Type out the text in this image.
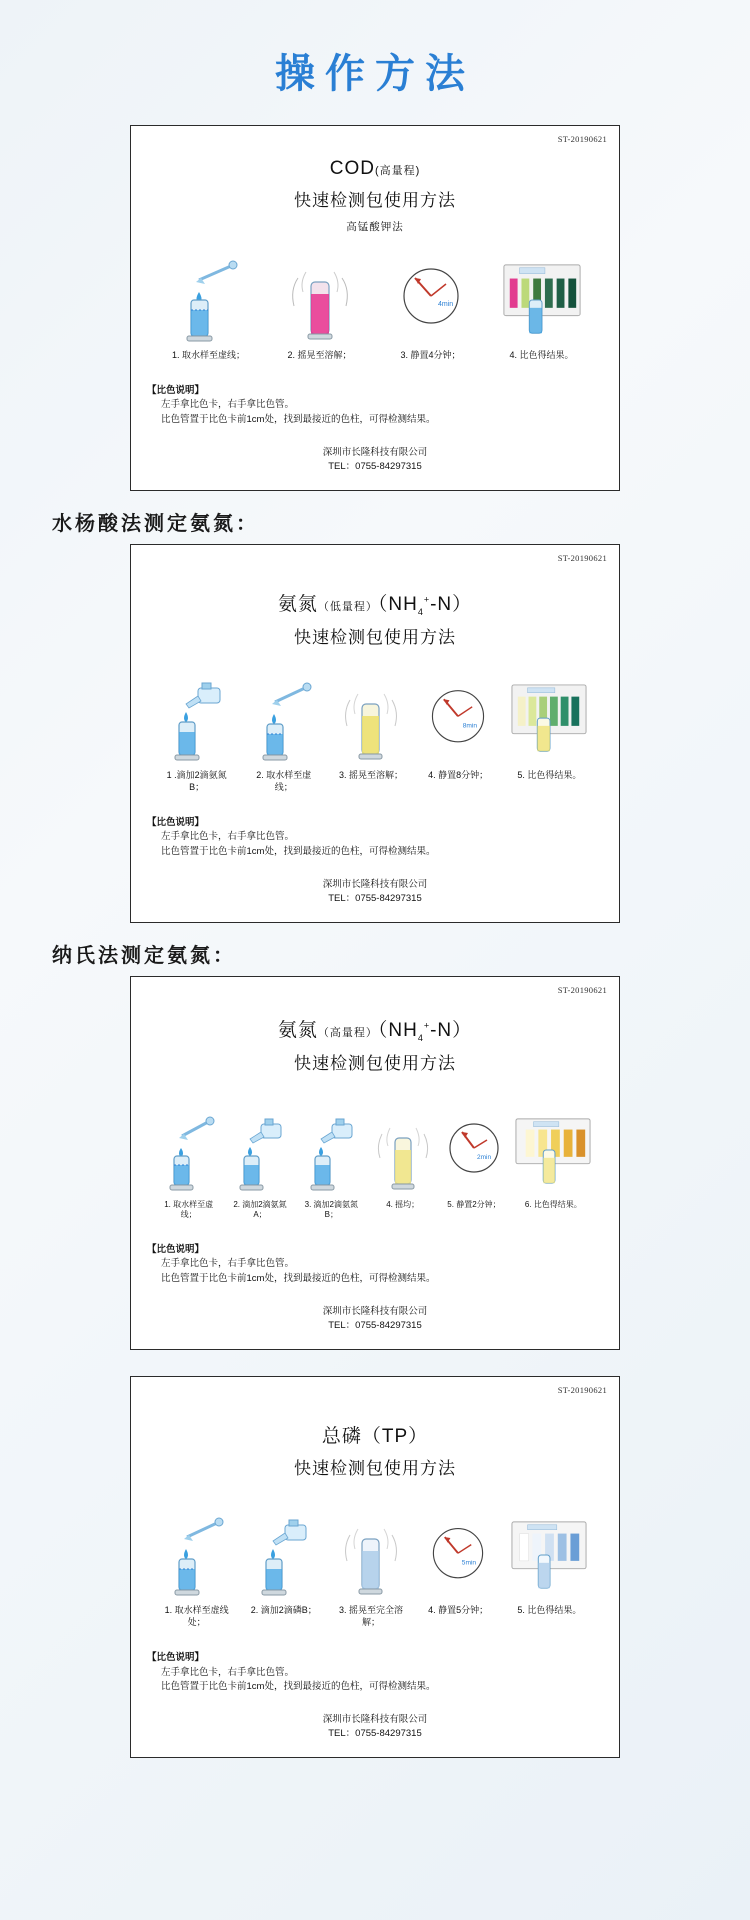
操作方法
ST-20190621
COD(高量程)
快速检测包使用方法
高锰酸钾法
4min
1. 取水样至虚线；	2. 摇晃至溶解；	3. 静置4分钟；	4. 比色得结果。
【比色说明】
左手拿比色卡，右手拿比色管。
比色管置于比色卡前1cm处，找到最接近的色柱，可得检测结果。
深圳市长隆科技有限公司
TEL：0755-84297315
水杨酸法测定氨氮：
ST-20190621
氨氮（低量程）$(NH_4^+-N)$
快速检测包使用方法
8min
1 .滴加2滴氨氮B；
2. 取水样至虚线；
3. 摇晃至溶解；	4. 静置8分钟；	5. 比色得结果。
【比色说明】
左手拿比色卡，右手拿比色管。
比色管置于比色卡前1cm处，找到最接近的色柱，可得检测结果。
深圳市长隆科技有限公司
TEL：0755-84297315
纳氏法测定氨氮：
ST-20190621
氨氮（高量程）$(NH_4^+-N)$
快速检测包使用方法
2min
1. 取水样至虚线；
2. 滴加2滴氨氮A；
3. 滴加2滴氨氮B；
4. 摇均；	5. 静置2分钟；	6. 比色得结果。
【比色说明】
左手拿比色卡，右手拿比色管。
比色管置于比色卡前1cm处，找到最接近的色柱，可得检测结果。
深圳市长隆科技有限公司
TEL：0755-84297315
ST-20190621
总磷（TP）
快速检测包使用方法
5min
1. 取水样至虚线处；
2. 滴加2滴磷B；	3. 摇晃至完全溶解；
4. 静置5分钟；	5. 比色得结果。
【比色说明】
左手拿比色卡，右手拿比色管。
比色管置于比色卡前1cm处，找到最接近的色柱，可得检测结果。
深圳市长隆科技有限公司
TEL：0755-84297315
